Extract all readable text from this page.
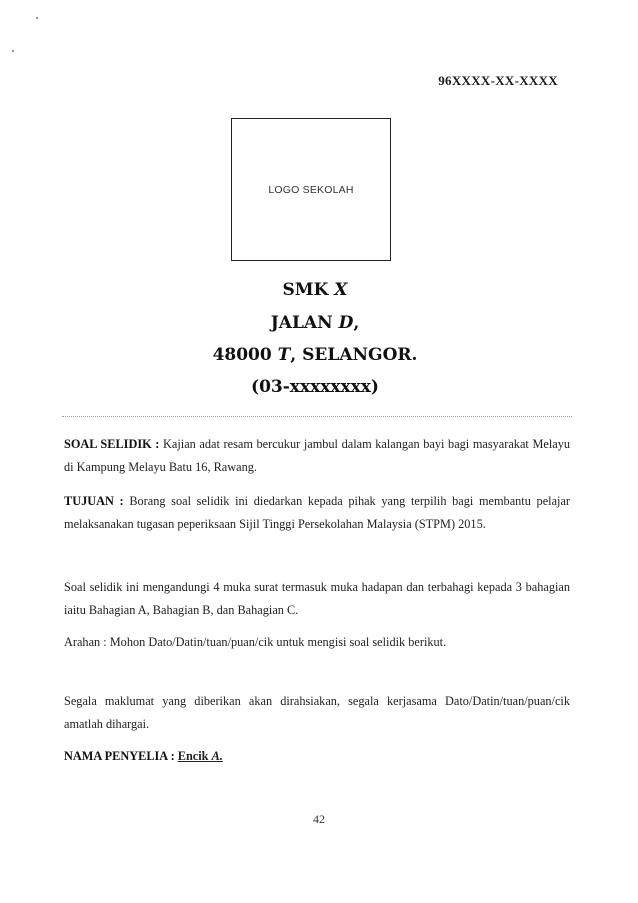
96XXXX-XX-XXXX
LOGO SEKOLAH
SMK X
JALAN D,
48000 T, SELANGOR.
(03-xxxxxxxx)
SOAL SELIDIK : Kajian adat resam bercukur jambul dalam kalangan bayi bagi masyarakat Melayu di Kampung Melayu Batu 16, Rawang.
TUJUAN : Borang soal selidik ini diedarkan kepada pihak yang terpilih bagi membantu pelajar melaksanakan tugasan peperiksaan Sijil Tinggi Persekolahan Malaysia (STPM) 2015.
Soal selidik ini mengandungi 4 muka surat termasuk muka hadapan dan terbahagi kepada 3 bahagian iaitu Bahagian A, Bahagian B, dan Bahagian C.
Arahan : Mohon Dato/Datin/tuan/puan/cik untuk mengisi soal selidik berikut.
Segala maklumat yang diberikan akan dirahsiakan, segala kerjasama Dato/Datin/tuan/puan/cik amatlah dihargai.
NAMA PENYELIA : Encik A.
42
